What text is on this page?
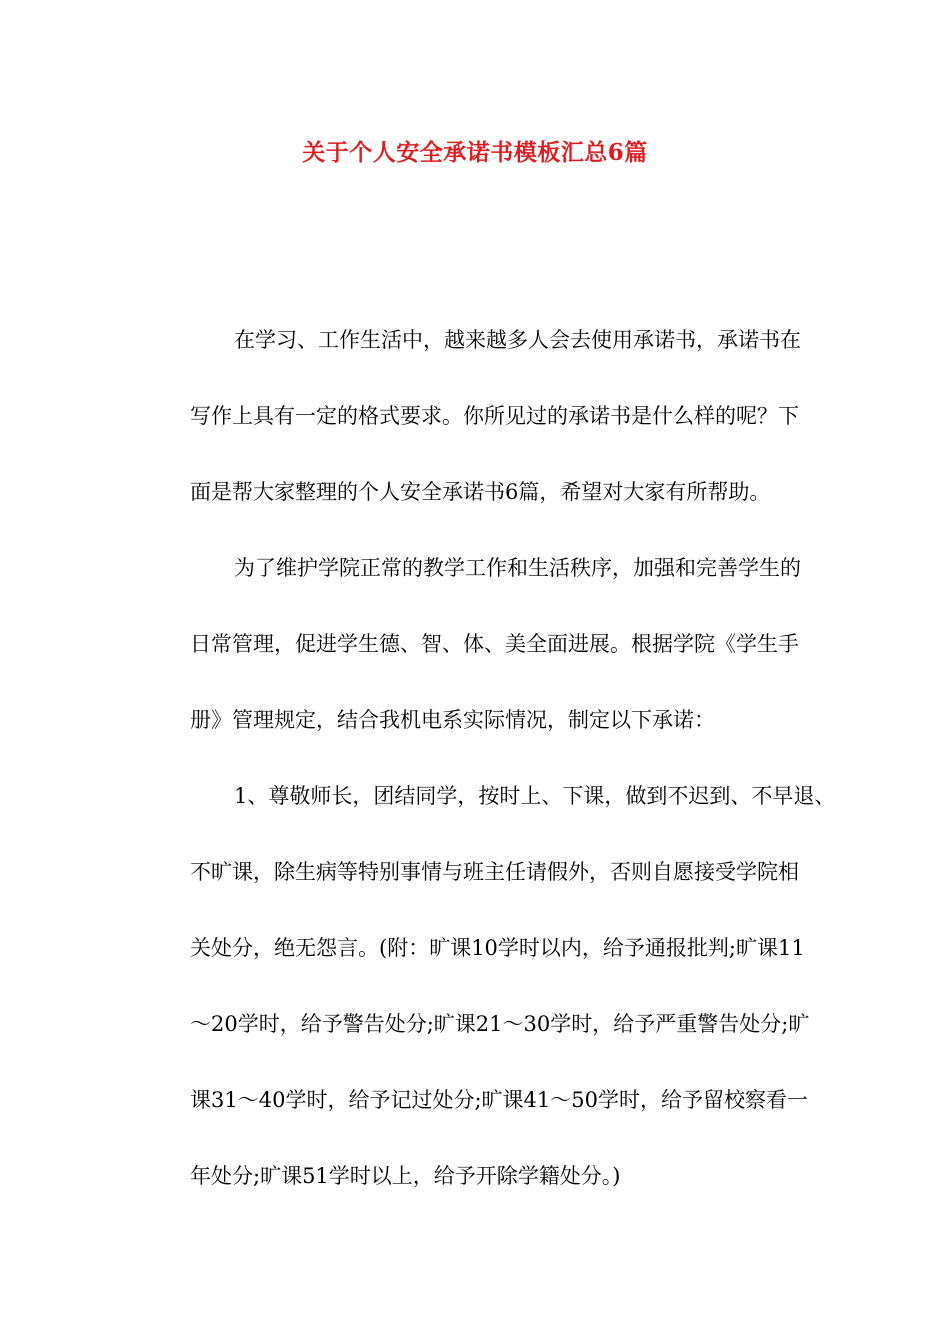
关于个人安全承诺书模板汇总6篇
在学习、工作生活中，越来越多人会去使用承诺书，承诺书在
写作上具有一定的格式要求。你所见过的承诺书是什么样的呢？下
面是帮大家整理的个人安全承诺书6篇，希望对大家有所帮助。
为了维护学院正常的教学工作和生活秩序，加强和完善学生的
日常管理，促进学生德、智、体、美全面进展。根据学院《学生手
册》管理规定，结合我机电系实际情况，制定以下承诺：
1、尊敬师长，团结同学，按时上、下课，做到不迟到、不早退、
不旷课，除生病等特别事情与班主任请假外，否则自愿接受学院相
关处分，绝无怨言。(附：旷课10学时以内，给予通报批判;旷课11
～20学时，给予警告处分;旷课21～30学时，给予严重警告处分;旷
课31～40学时，给予记过处分;旷课41～50学时，给予留校察看一
年处分;旷课51学时以上，给予开除学籍处分。)
